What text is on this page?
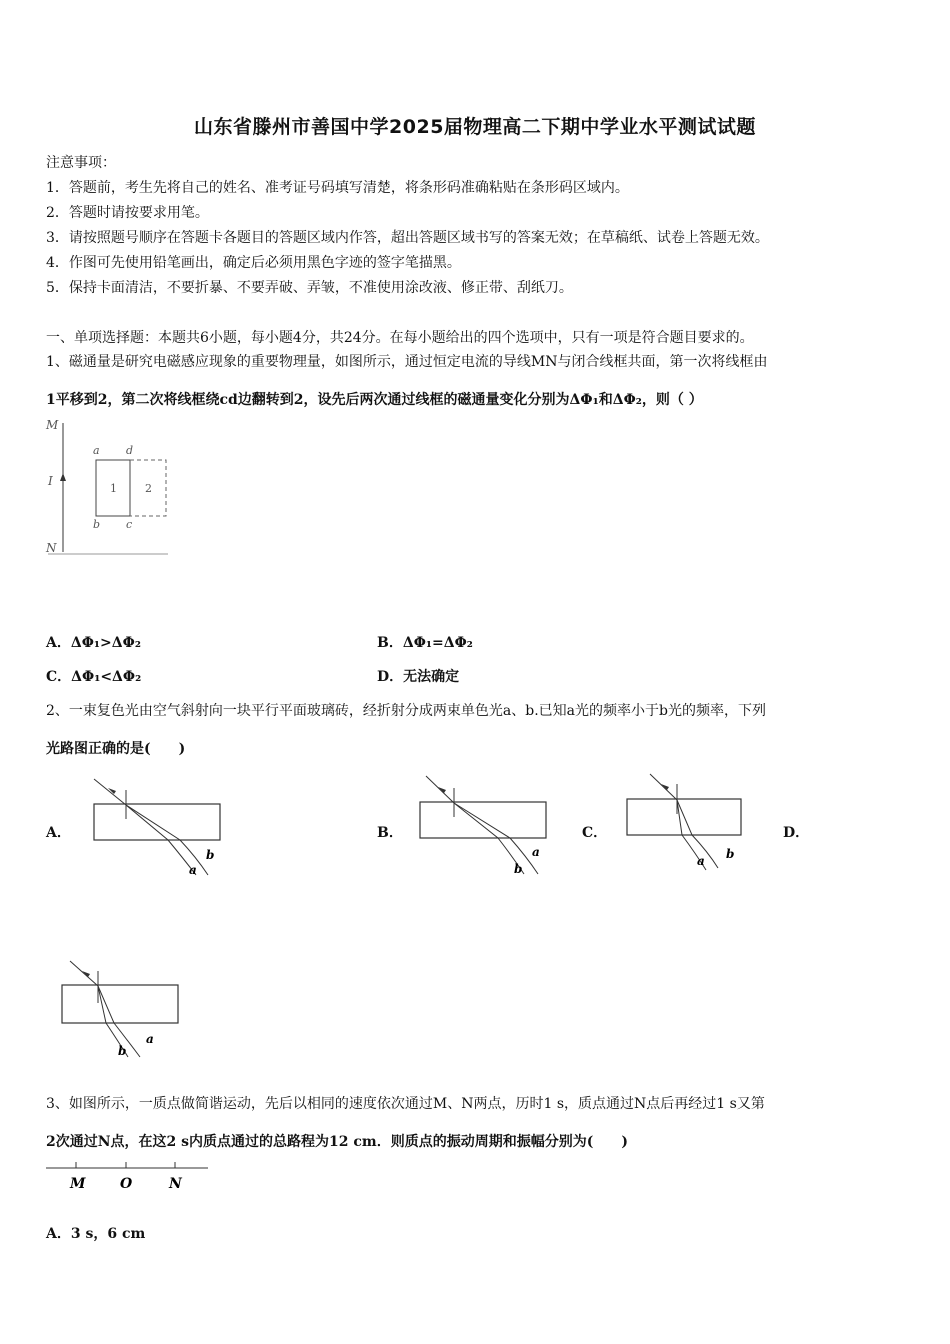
山东省滕州市善国中学2025届物理高二下期中学业水平测试试题
注意事项：
1．答题前，考生先将自己的姓名、准考证号码填写清楚，将条形码准确粘贴在条形码区域内。
2．答题时请按要求用笔。
3．请按照题号顺序在答题卡各题目的答题区域内作答，超出答题区域书写的答案无效；在草稿纸、试卷上答题无效。
4．作图可先使用铅笔画出，确定后必须用黑色字迹的签字笔描黑。
5．保持卡面清洁，不要折暴、不要弄破、弄皱，不准使用涂改液、修正带、刮纸刀。
一、单项选择题：本题共6小题，每小题4分，共24分。在每小题给出的四个选项中，只有一项是符合题目要求的。
1、磁通量是研究电磁感应现象的重要物理量，如图所示，通过恒定电流的导线MN与闭合线框共面，第一次将线框由
1平移到2，第二次将线框绕cd边翻转到2，设先后两次通过线框的磁通量变化分别为ΔΦ₁和ΔΦ₂，则（ ）
M
N
I
a d
b c
1	2
A．ΔΦ₁>ΔΦ₂	B．ΔΦ₁=ΔΦ₂
C．ΔΦ₁<ΔΦ₂	D．无法确定
2、一束复色光由空气斜射向一块平行平面玻璃砖，经折射分成两束单色光a、b.已知a光的频率小于b光的频率，下列
光路图正确的是(　　)
A．	B．	C．	D．
b
a
a
b
b
a
a
b
3、如图所示，一质点做简谐运动，先后以相同的速度依次通过M、N两点，历时1 s，质点通过N点后再经过1 s又第
2次通过N点，在这2 s内质点通过的总路程为12 cm．则质点的振动周期和振幅分别为(　　)
M O	N
A．3 s，6 cm
